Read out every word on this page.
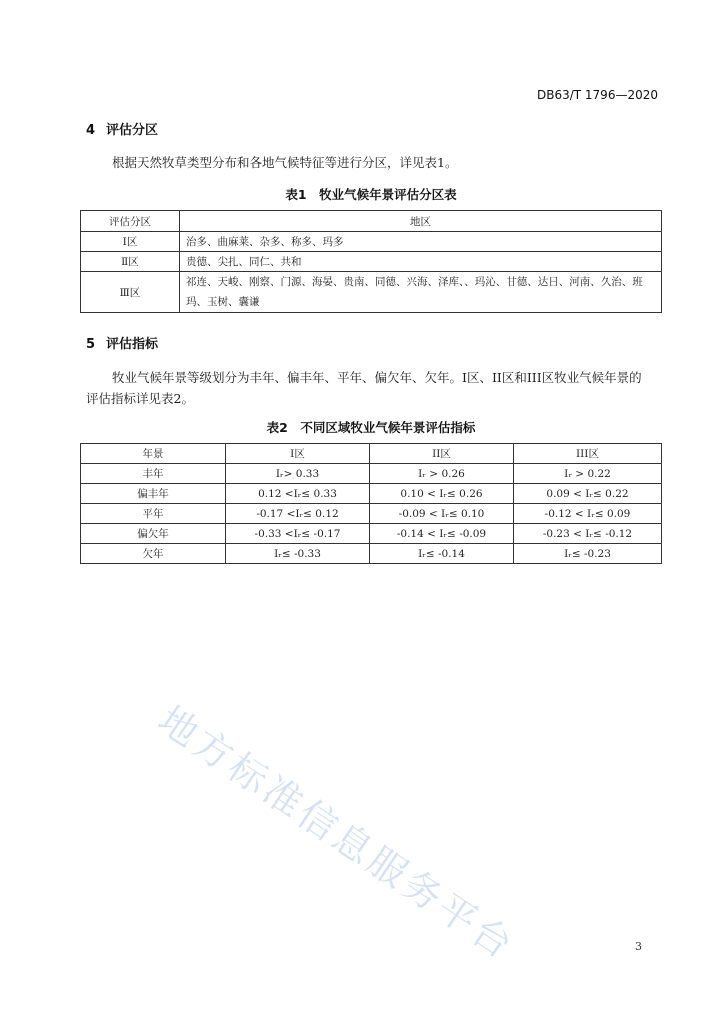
DB63/T 1796—2020
4 评估分区
根据天然牧草类型分布和各地气候特征等进行分区，详见表1。
表1　牧业气候年景评估分区表
评估分区	地区
Ⅰ区	治多、曲麻莱、杂多、称多、玛多
Ⅱ区	贵德、尖扎、同仁、共和
Ⅲ区	祁连、天峻、刚察、门源、海晏、贵南、同德、兴海、泽库、、玛沁、甘德、达日、河南、久治、班玛、玉树、囊谦
5 评估指标
牧业气候年景等级划分为丰年、偏丰年、平年、偏欠年、欠年。I区、II区和III区牧业气候年景的评估指标详见表2。
表2　不同区域牧业气候年景评估指标
年景	I区	II区	III区
丰年	Iᵣ> 0.33	Iᵣ > 0.26	Iᵣ > 0.22
偏丰年	0.12 <Iᵣ≤ 0.33	0.10 < Iᵣ≤ 0.26	0.09 < Iᵣ≤ 0.22
平年	-0.17 <Iᵣ≤ 0.12	-0.09 < Iᵣ≤ 0.10	-0.12 < Iᵣ≤ 0.09
偏欠年	-0.33 <Iᵣ≤ -0.17	-0.14 < Iᵣ≤ -0.09	-0.23 < Iᵣ≤ -0.12
欠年	Iᵣ≤ -0.33	Iᵣ≤ -0.14	Iᵣ≤ -0.23
地方标准信息服务平台	3
